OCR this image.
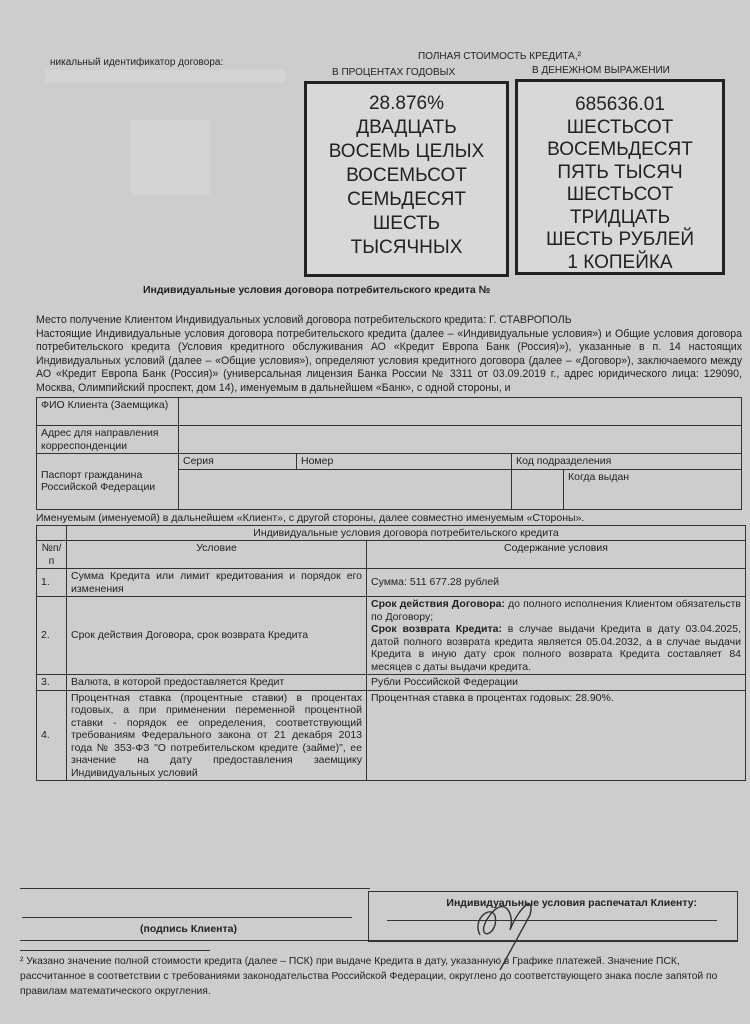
никальный идентификатор договора:
ПОЛНАЯ СТОИМОСТЬ КРЕДИТА,²
В ПРОЦЕНТАХ ГОДОВЫХ	В ДЕНЕЖНОМ ВЫРАЖЕНИИ
28.876%
ДВАДЦАТЬ
ВОСЕМЬ ЦЕЛЫХ
ВОСЕМЬСОТ
СЕМЬДЕСЯТ
ШЕСТЬ
ТЫСЯЧНЫХ
685636.01
ШЕСТЬСОТ
ВОСЕМЬДЕСЯТ
ПЯТЬ ТЫСЯЧ
ШЕСТЬСОТ
ТРИДЦАТЬ
ШЕСТЬ РУБЛЕЙ
1 КОПЕЙКА
Индивидуальные условия договора потребительского кредита №
Место получение Клиентом Индивидуальных условий договора потребительского кредита: Г. СТАВРОПОЛЬ
Настоящие Индивидуальные условия договора потребительского кредита (далее – «Индивидуальные условия») и Общие условия договора потребительского кредита (Условия кредитного обслуживания АО «Кредит Европа Банк (Россия)»), указанные в п. 14 настоящих Индивидуальных условий (далее – «Общие условия»), определяют условия кредитного договора (далее – «Договор»), заключаемого между АО «Кредит Европа Банк (Россия)» (универсальная лицензия Банка России № 3311 от 03.09.2019 г., адрес юридического лица: 129090, Москва, Олимпийский проспект, дом 14), именуемым в дальнейшем «Банк», с одной стороны, и
ФИО Клиента (Заемщика)				
Адрес для направления корреспонденции				
Паспорт гражданина Российской Федерации	Серия	Номер	Код подразделения	
				Когда выдан
Именуемым (именуемой) в дальнейшем «Клиент», с другой стороны, далее совместно именуемым «Стороны».
	Индивидуальные условия договора потребительского кредита	
№п/п	Условие	Содержание условия
1.	Сумма Кредита или лимит кредитования и порядок его изменения	Сумма: 511 677.28 рублей
2.	Срок действия Договора, срок возврата Кредита	Срок действия Договора: до полного исполнения Клиентом обязательств по Договору;
Срок возврата Кредита: в случае выдачи Кредита в дату 03.04.2025, датой полного возврата кредита является 05.04.2032, а в случае выдачи Кредита в иную дату срок полного возврата Кредита составляет 84 месяцев с даты выдачи кредита.
3.	Валюта, в которой предоставляется Кредит	Рубли Российской Федерации
4.	Процентная ставка (процентные ставки) в процентах годовых, а при применении переменной процентной ставки - порядок ее определения, соответствующий требованиям Федерального закона от 21 декабря 2013 года № 353-ФЗ "О потребительском кредите (займе)", ее значение на дату предоставления заемщику Индивидуальных условий	Процентная ставка в процентах годовых: 28.90%.
(подпись Клиента)
Индивидуальные условия распечатал Клиенту:
² Указано значение полной стоимости кредита (далее – ПСК) при выдаче Кредита в дату, указанную в Графике платежей. Значение ПСК, рассчитанное в соответствии с требованиями законодательства Российской Федерации, округлено до соответствующего знака после запятой по правилам математического округления.
